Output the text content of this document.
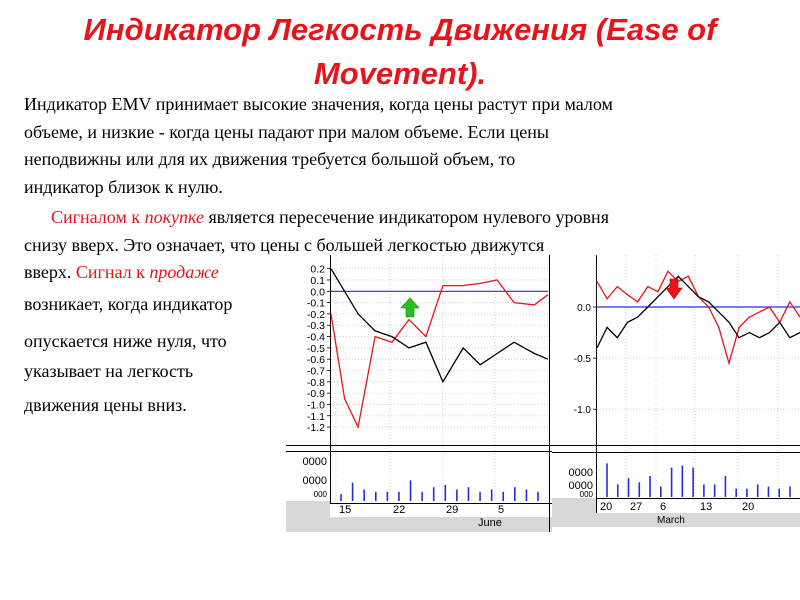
Индикатор Легкость Движения (Ease of
Movement).
Индикатор EMV принимает высокие значения, когда цены растут при малом
объеме, и низкие - когда цены падают при малом объеме. Если цены
неподвижны или для их движения требуется большой объем, то
индикатор близок к нулю.
Сигналом к покупке является пересечение индикатором нулевого уровня
снизу вверх. Это означает, что цены с большей легкостью движутся
вверх. Сигнал к продаже
возникает, когда индикатор
опускается ниже нуля, что
указывает на легкость
движения цены вниз.
0.2
0.1
0.0
-0.1
-0.2
-0.3
-0.4
-0.5
-0.6
-0.7
-0.8
-0.9
-1.0
-1.1
-1.2
0000
0000
000
15	22	29	5
June
0.0
-0.5
-1.0
0000
0000
000
20 27 6	13	20
March
